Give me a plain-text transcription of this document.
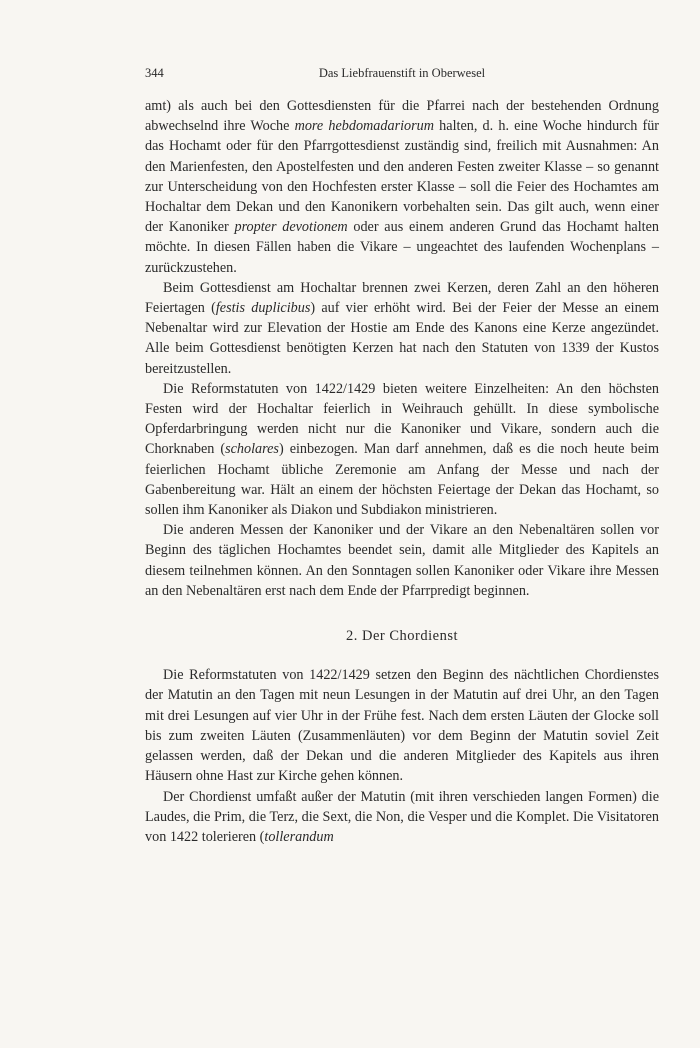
344	Das Liebfrauenstift in Oberwesel

amt) als auch bei den Gottesdiensten für die Pfarrei nach der bestehenden Ordnung abwechselnd ihre Woche more hebdomadariorum halten, d. h. eine Woche hindurch für das Hochamt oder für den Pfarrgottesdienst zuständig sind, freilich mit Ausnahmen: An den Marienfesten, den Apostelfesten und den anderen Festen zweiter Klasse – so genannt zur Unterscheidung von den Hochfesten erster Klasse – soll die Feier des Hochamtes am Hochaltar dem Dekan und den Kanonikern vorbehalten sein. Das gilt auch, wenn einer der Kanoniker propter devotionem oder aus einem anderen Grund das Hochamt halten möchte. In diesen Fällen haben die Vikare – ungeachtet des laufenden Wochenplans – zurückzustehen.

Beim Gottesdienst am Hochaltar brennen zwei Kerzen, deren Zahl an den höheren Feiertagen (festis duplicibus) auf vier erhöht wird. Bei der Feier der Messe an einem Nebenaltar wird zur Elevation der Hostie am Ende des Kanons eine Kerze angezündet. Alle beim Gottesdienst benötigten Kerzen hat nach den Statuten von 1339 der Kustos bereitzustellen.

Die Reformstatuten von 1422/1429 bieten weitere Einzelheiten: An den höchsten Festen wird der Hochaltar feierlich in Weihrauch gehüllt. In diese symbolische Opferdarbringung werden nicht nur die Kanoniker und Vikare, sondern auch die Chorknaben (scholares) einbezogen. Man darf annehmen, daß es die noch heute beim feierlichen Hochamt übliche Zeremonie am Anfang der Messe und nach der Gabenbereitung war. Hält an einem der höchsten Feiertage der Dekan das Hochamt, so sollen ihm Kanoniker als Diakon und Subdiakon ministrieren.

Die anderen Messen der Kanoniker und der Vikare an den Nebenaltären sollen vor Beginn des täglichen Hochamtes beendet sein, damit alle Mitglieder des Kapitels an diesem teilnehmen können. An den Sonntagen sollen Kanoniker oder Vikare ihre Messen an den Nebenaltären erst nach dem Ende der Pfarrpredigt beginnen.

2. Der Chordienst

Die Reformstatuten von 1422/1429 setzen den Beginn des nächtlichen Chordienstes der Matutin an den Tagen mit neun Lesungen in der Matutin auf drei Uhr, an den Tagen mit drei Lesungen auf vier Uhr in der Frühe fest. Nach dem ersten Läuten der Glocke soll bis zum zweiten Läuten (Zusammenläuten) vor dem Beginn der Matutin soviel Zeit gelassen werden, daß der Dekan und die anderen Mitglieder des Kapitels aus ihren Häusern ohne Hast zur Kirche gehen können.

Der Chordienst umfaßt außer der Matutin (mit ihren verschieden langen Formen) die Laudes, die Prim, die Terz, die Sext, die Non, die Vesper und die Komplet. Die Visitatoren von 1422 tolerieren (tollerandum
